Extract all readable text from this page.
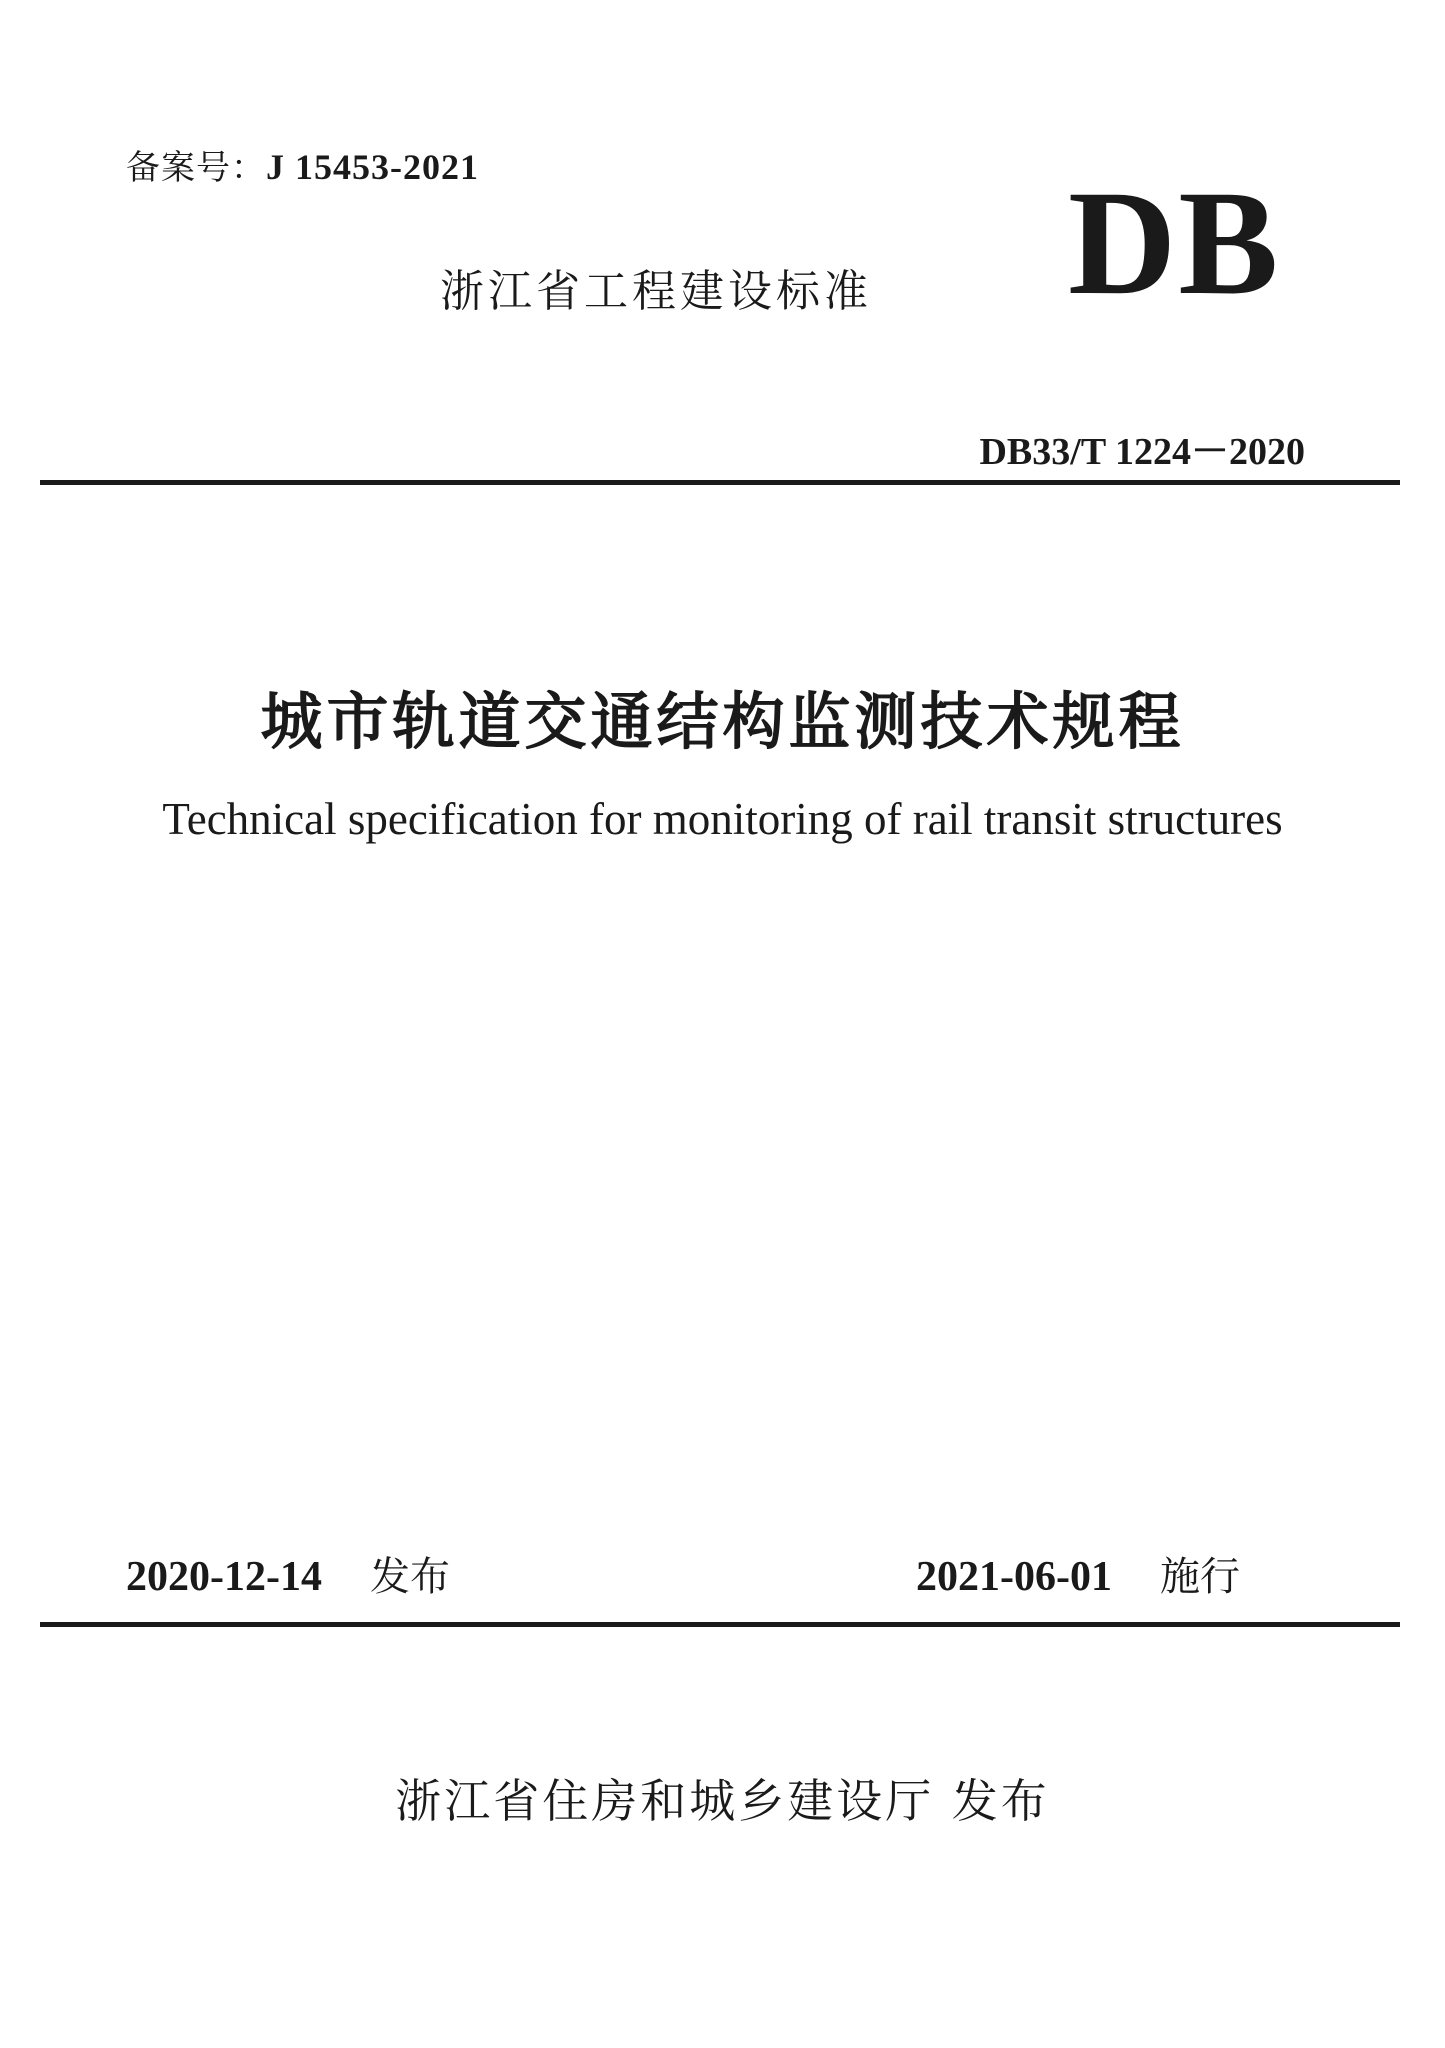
备案号：J 15453-2021
浙江省工程建设标准 DB
DB33/T 1224－2020
城市轨道交通结构监测技术规程
Technical specification for monitoring of rail transit structures
2020-12-14 发布	2021-06-01 施行
浙江省住房和城乡建设厅 发布
